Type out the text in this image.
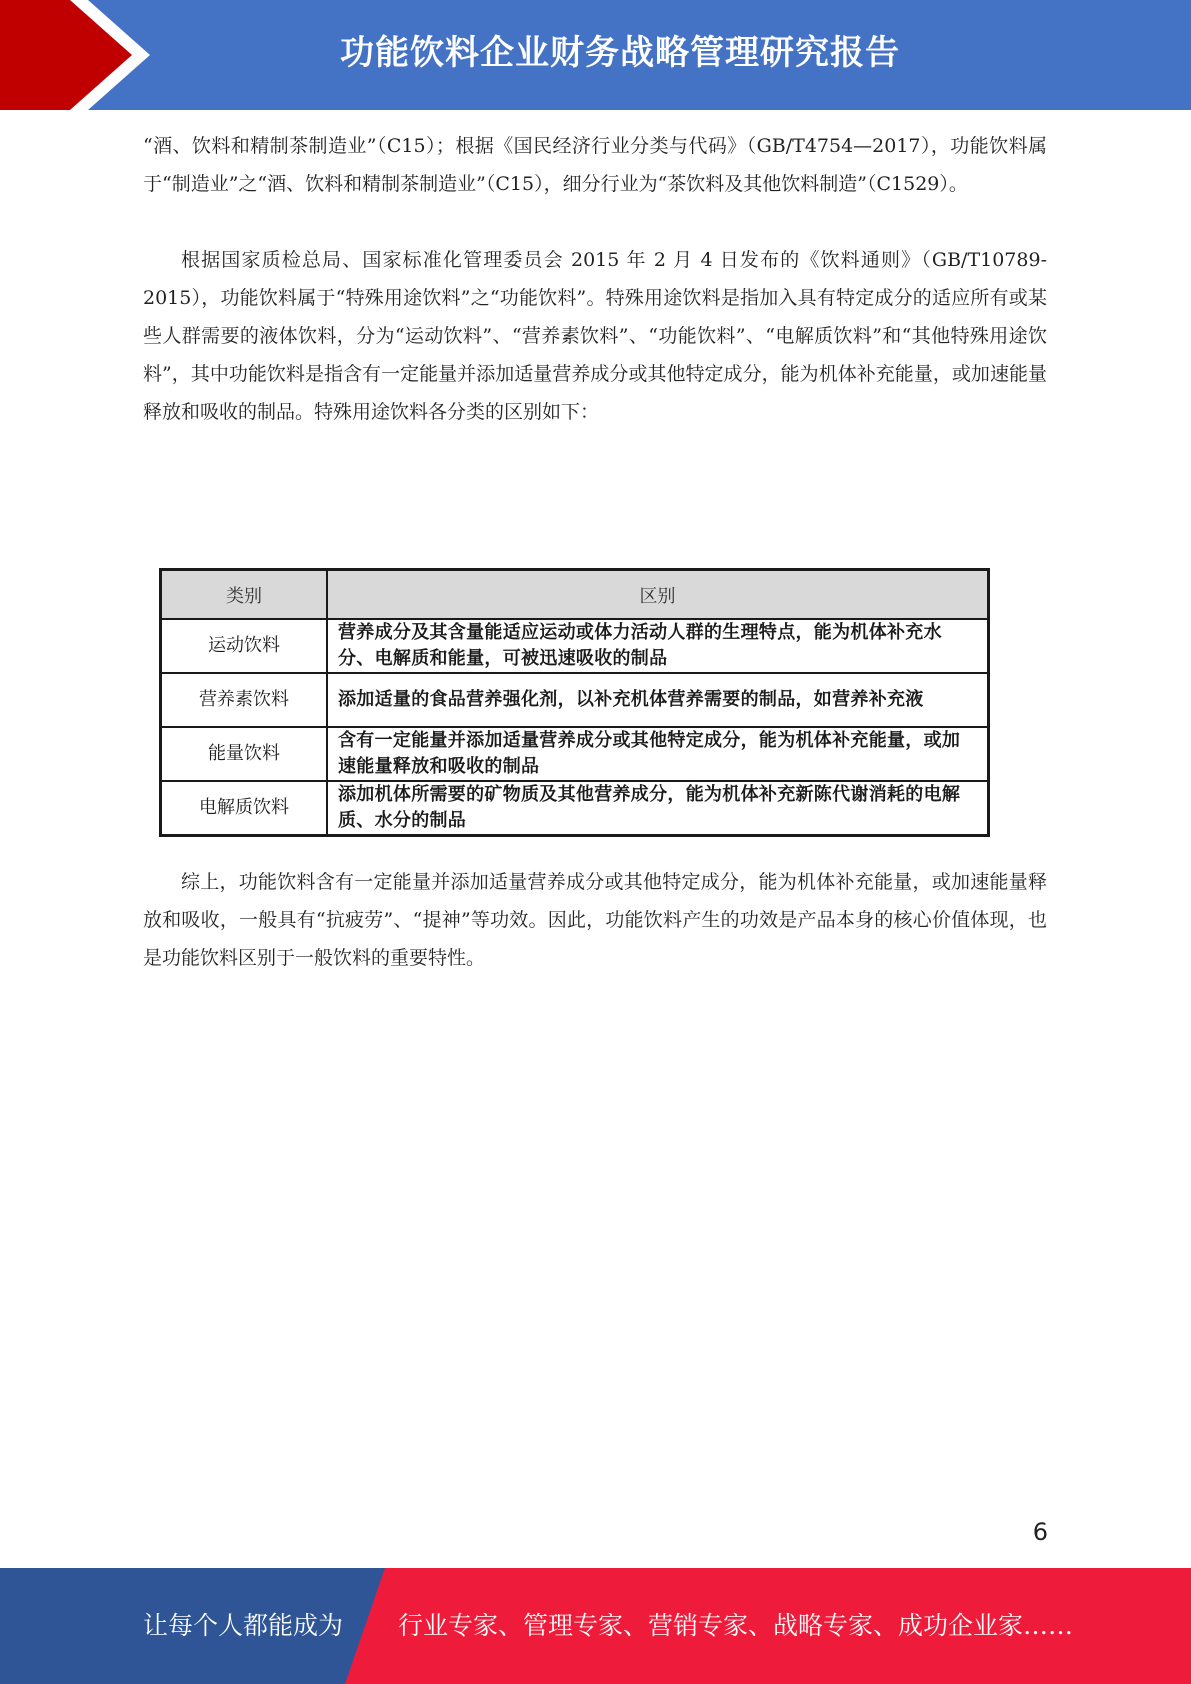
功能饮料企业财务战略管理研究报告

“酒、饮料和精制茶制造业”（C15）；根据《国民经济行业分类与代码》（GB/T4754—2017），功能饮料属于“制造业”之“酒、饮料和精制茶制造业”（C15），细分行业为“茶饮料及其他饮料制造”（C1529）。

根据国家质检总局、国家标准化管理委员会 2015 年 2 月 4 日发布的《饮料通则》（GB/T10789-2015），功能饮料属于“特殊用途饮料”之“功能饮料”。特殊用途饮料是指加入具有特定成分的适应所有或某些人群需要的液体饮料，分为“运动饮料”、“营养素饮料”、“功能饮料”、“电解质饮料”和“其他特殊用途饮料”，其中功能饮料是指含有一定能量并添加适量营养成分或其他特定成分，能为机体补充能量，或加速能量释放和吸收的制品。特殊用途饮料各分类的区别如下：

类别	区别
运动饮料	营养成分及其含量能适应运动或体力活动人群的生理特点，能为机体补充水分、电解质和能量，可被迅速吸收的制品
营养素饮料	添加适量的食品营养强化剂，以补充机体营养需要的制品，如营养补充液
能量饮料	含有一定能量并添加适量营养成分或其他特定成分，能为机体补充能量，或加速能量释放和吸收的制品
电解质饮料	添加机体所需要的矿物质及其他营养成分，能为机体补充新陈代谢消耗的电解质、水分的制品

综上，功能饮料含有一定能量并添加适量营养成分或其他特定成分，能为机体补充能量，或加速能量释放和吸收，一般具有“抗疲劳”、“提神”等功效。因此，功能饮料产生的功效是产品本身的核心价值体现，也是功能饮料区别于一般饮料的重要特性。

6
让每个人都能成为 行业专家、管理专家、营销专家、战略专家、成功企业家……
